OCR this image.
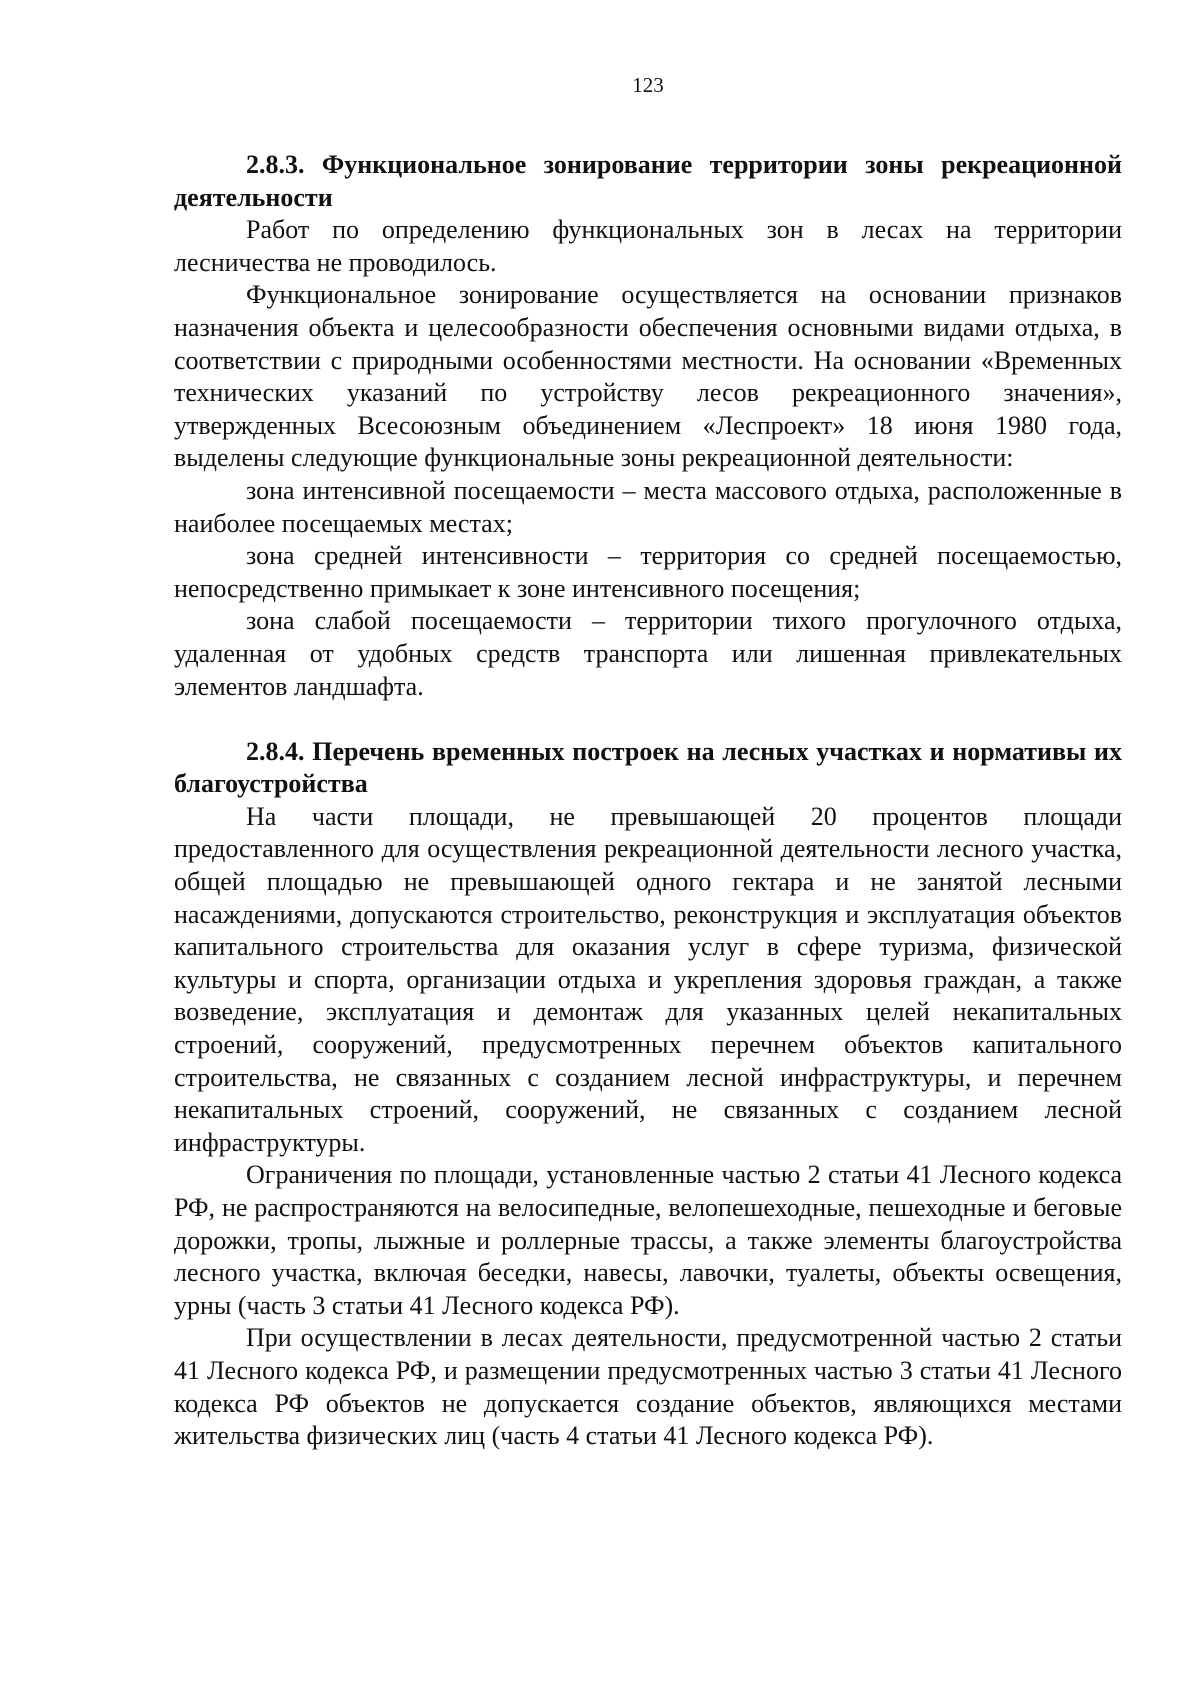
123

2.8.3. Функциональное зонирование территории зоны рекреационной деятельности

Работ по определению функциональных зон в лесах на территории лесничества не проводилось.

Функциональное зонирование осуществляется на основании признаков назначения объекта и целесообразности обеспечения основными видами отдыха, в соответствии с природными особенностями местности. На основании «Временных технических указаний по устройству лесов рекреационного значения», утвержденных Всесоюзным объединением «Леспроект» 18 июня 1980 года, выделены следующие функциональные зоны рекреационной деятельности:

зона интенсивной посещаемости – места массового отдыха, расположенные в наиболее посещаемых местах;

зона средней интенсивности – территория со средней посещаемостью, непосредственно примыкает к зоне интенсивного посещения;

зона слабой посещаемости – территории тихого прогулочного отдыха, удаленная от удобных средств транспорта или лишенная привлекательных элементов ландшафта.

2.8.4. Перечень временных построек на лесных участках и нормативы их благоустройства

На части площади, не превышающей 20 процентов площади предоставленного для осуществления рекреационной деятельности лесного участка, общей площадью не превышающей одного гектара и не занятой лесными насаждениями, допускаются строительство, реконструкция и эксплуатация объектов капитального строительства для оказания услуг в сфере туризма, физической культуры и спорта, организации отдыха и укрепления здоровья граждан, а также возведение, эксплуатация и демонтаж для указанных целей некапитальных строений, сооружений, предусмотренных перечнем объектов капитального строительства, не связанных с созданием лесной инфраструктуры, и перечнем некапитальных строений, сооружений, не связанных с созданием лесной инфраструктуры.

Ограничения по площади, установленные частью 2 статьи 41 Лесного кодекса РФ, не распространяются на велосипедные, велопешеходные, пешеходные и беговые дорожки, тропы, лыжные и роллерные трассы, а также элементы благоустройства лесного участка, включая беседки, навесы, лавочки, туалеты, объекты освещения, урны (часть 3 статьи 41 Лесного кодекса РФ).

При осуществлении в лесах деятельности, предусмотренной частью 2 статьи 41 Лесного кодекса РФ, и размещении предусмотренных частью 3 статьи 41 Лесного кодекса РФ объектов не допускается создание объектов, являющихся местами жительства физических лиц (часть 4 статьи 41 Лесного кодекса РФ).
